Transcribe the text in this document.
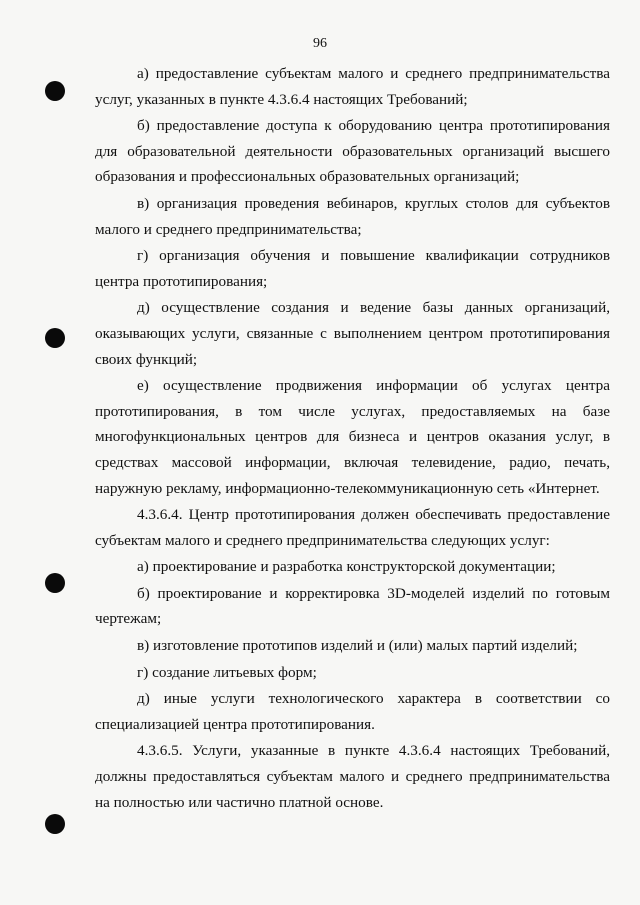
96

а) предоставление субъектам малого и среднего предпринимательства услуг, указанных в пункте 4.3.6.4 настоящих Требований;

б) предоставление доступа к оборудованию центра прототипирования для образовательной деятельности образовательных организаций высшего образования и профессиональных образовательных организаций;

в) организация проведения вебинаров, круглых столов для субъектов малого и среднего предпринимательства;

г) организация обучения и повышение квалификации сотрудников центра прототипирования;

д) осуществление создания и ведение базы данных организаций, оказывающих услуги, связанные с выполнением центром прототипирования своих функций;

е) осуществление продвижения информации об услугах центра прототипирования, в том числе услугах, предоставляемых на базе многофункциональных центров для бизнеса и центров оказания услуг, в средствах массовой информации, включая телевидение, радио, печать, наружную рекламу, информационно-телекоммуникационную сеть «Интернет.

4.3.6.4. Центр прототипирования должен обеспечивать предоставление субъектам малого и среднего предпринимательства следующих услуг:

а) проектирование и разработка конструкторской документации;

б) проектирование и корректировка 3D-моделей изделий по готовым чертежам;

в) изготовление прототипов изделий и (или) малых партий изделий;

г) создание литьевых форм;

д) иные услуги технологического характера в соответствии со специализацией центра прототипирования.

4.3.6.5. Услуги, указанные в пункте 4.3.6.4 настоящих Требований, должны предоставляться субъектам малого и среднего предпринимательства на полностью или частично платной основе.
